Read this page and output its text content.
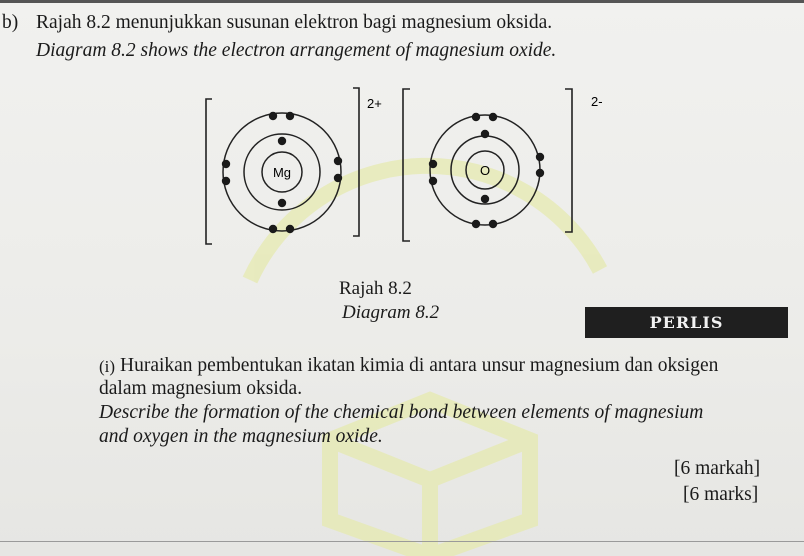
b) Rajah 8.2 menunjukkan susunan elektron bagi magnesium oksida.
Diagram 8.2 shows the electron arrangement of magnesium oxide.
Mg
2+
O
2-
Rajah 8.2
Diagram 8.2	PERLIS
(i) Huraikan pembentukan ikatan kimia di antara unsur magnesium dan oksigen
dalam magnesium oksida.
Describe the formation of the chemical bond between elements of magnesium
and oxygen in the magnesium oxide.
[6 markah]
[6 marks]
